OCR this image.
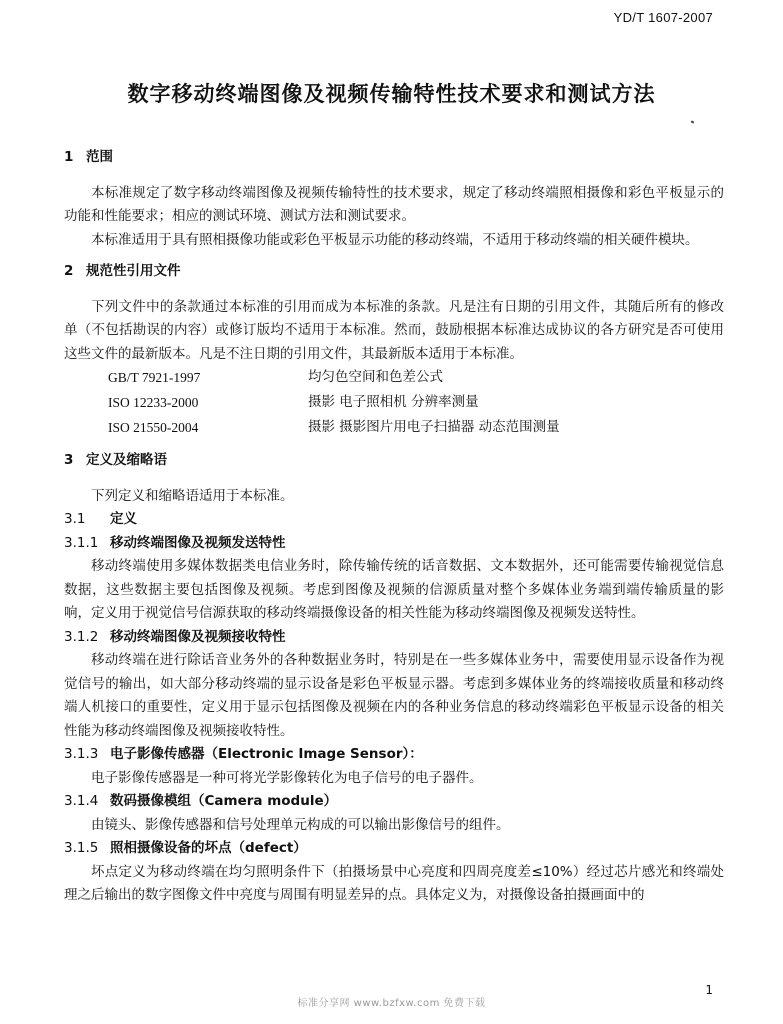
YD/T 1607-2007
数字移动终端图像及视频传输特性技术要求和测试方法

1 范围

本标准规定了数字移动终端图像及视频传输特性的技术要求，规定了移动终端照相摄像和彩色平板显示的功能和性能要求；相应的测试环境、测试方法和测试要求。

本标准适用于具有照相摄像功能或彩色平板显示功能的移动终端，不适用于移动终端的相关硬件模块。

2 规范性引用文件

下列文件中的条款通过本标准的引用而成为本标准的条款。凡是注有日期的引用文件，其随后所有的修改单（不包括勘误的内容）或修订版均不适用于本标准。然而，鼓励根据本标准达成协议的各方研究是否可使用这些文件的最新版本。凡是不注日期的引用文件，其最新版本适用于本标准。

GB/T 7921-1997	均匀色空间和色差公式
ISO 12233-2000	摄影 电子照相机 分辨率测量
ISO 21550-2004	摄影 摄影图片用电子扫描器 动态范围测量

3 定义及缩略语

下列定义和缩略语适用于本标准。

3.1 定义

3.1.1 移动终端图像及视频发送特性

移动终端使用多媒体数据类电信业务时，除传输传统的话音数据、文本数据外，还可能需要传输视觉信息数据，这些数据主要包括图像及视频。考虑到图像及视频的信源质量对整个多媒体业务端到端传输质量的影响，定义用于视觉信号信源获取的移动终端摄像设备的相关性能为移动终端图像及视频发送特性。

3.1.2 移动终端图像及视频接收特性

移动终端在进行除话音业务外的各种数据业务时，特别是在一些多媒体业务中，需要使用显示设备作为视觉信号的输出，如大部分移动终端的显示设备是彩色平板显示器。考虑到多媒体业务的终端接收质量和移动终端人机接口的重要性，定义用于显示包括图像及视频在内的各种业务信息的移动终端彩色平板显示设备的相关性能为移动终端图像及视频接收特性。

3.1.3 电子影像传感器（Electronic Image Sensor）：

电子影像传感器是一种可将光学影像转化为电子信号的电子器件。

3.1.4 数码摄像模组（Camera module）

由镜头、影像传感器和信号处理单元构成的可以输出影像信号的组件。

3.1.5 照相摄像设备的坏点（defect）

坏点定义为移动终端在均匀照明条件下（拍摄场景中心亮度和四周亮度差≤10%）经过芯片感光和终端处理之后输出的数字图像文件中亮度与周围有明显差异的点。具体定义为，对摄像设备拍摄画面中的

1
标准分享网 www.bzfxw.com 免费下载
